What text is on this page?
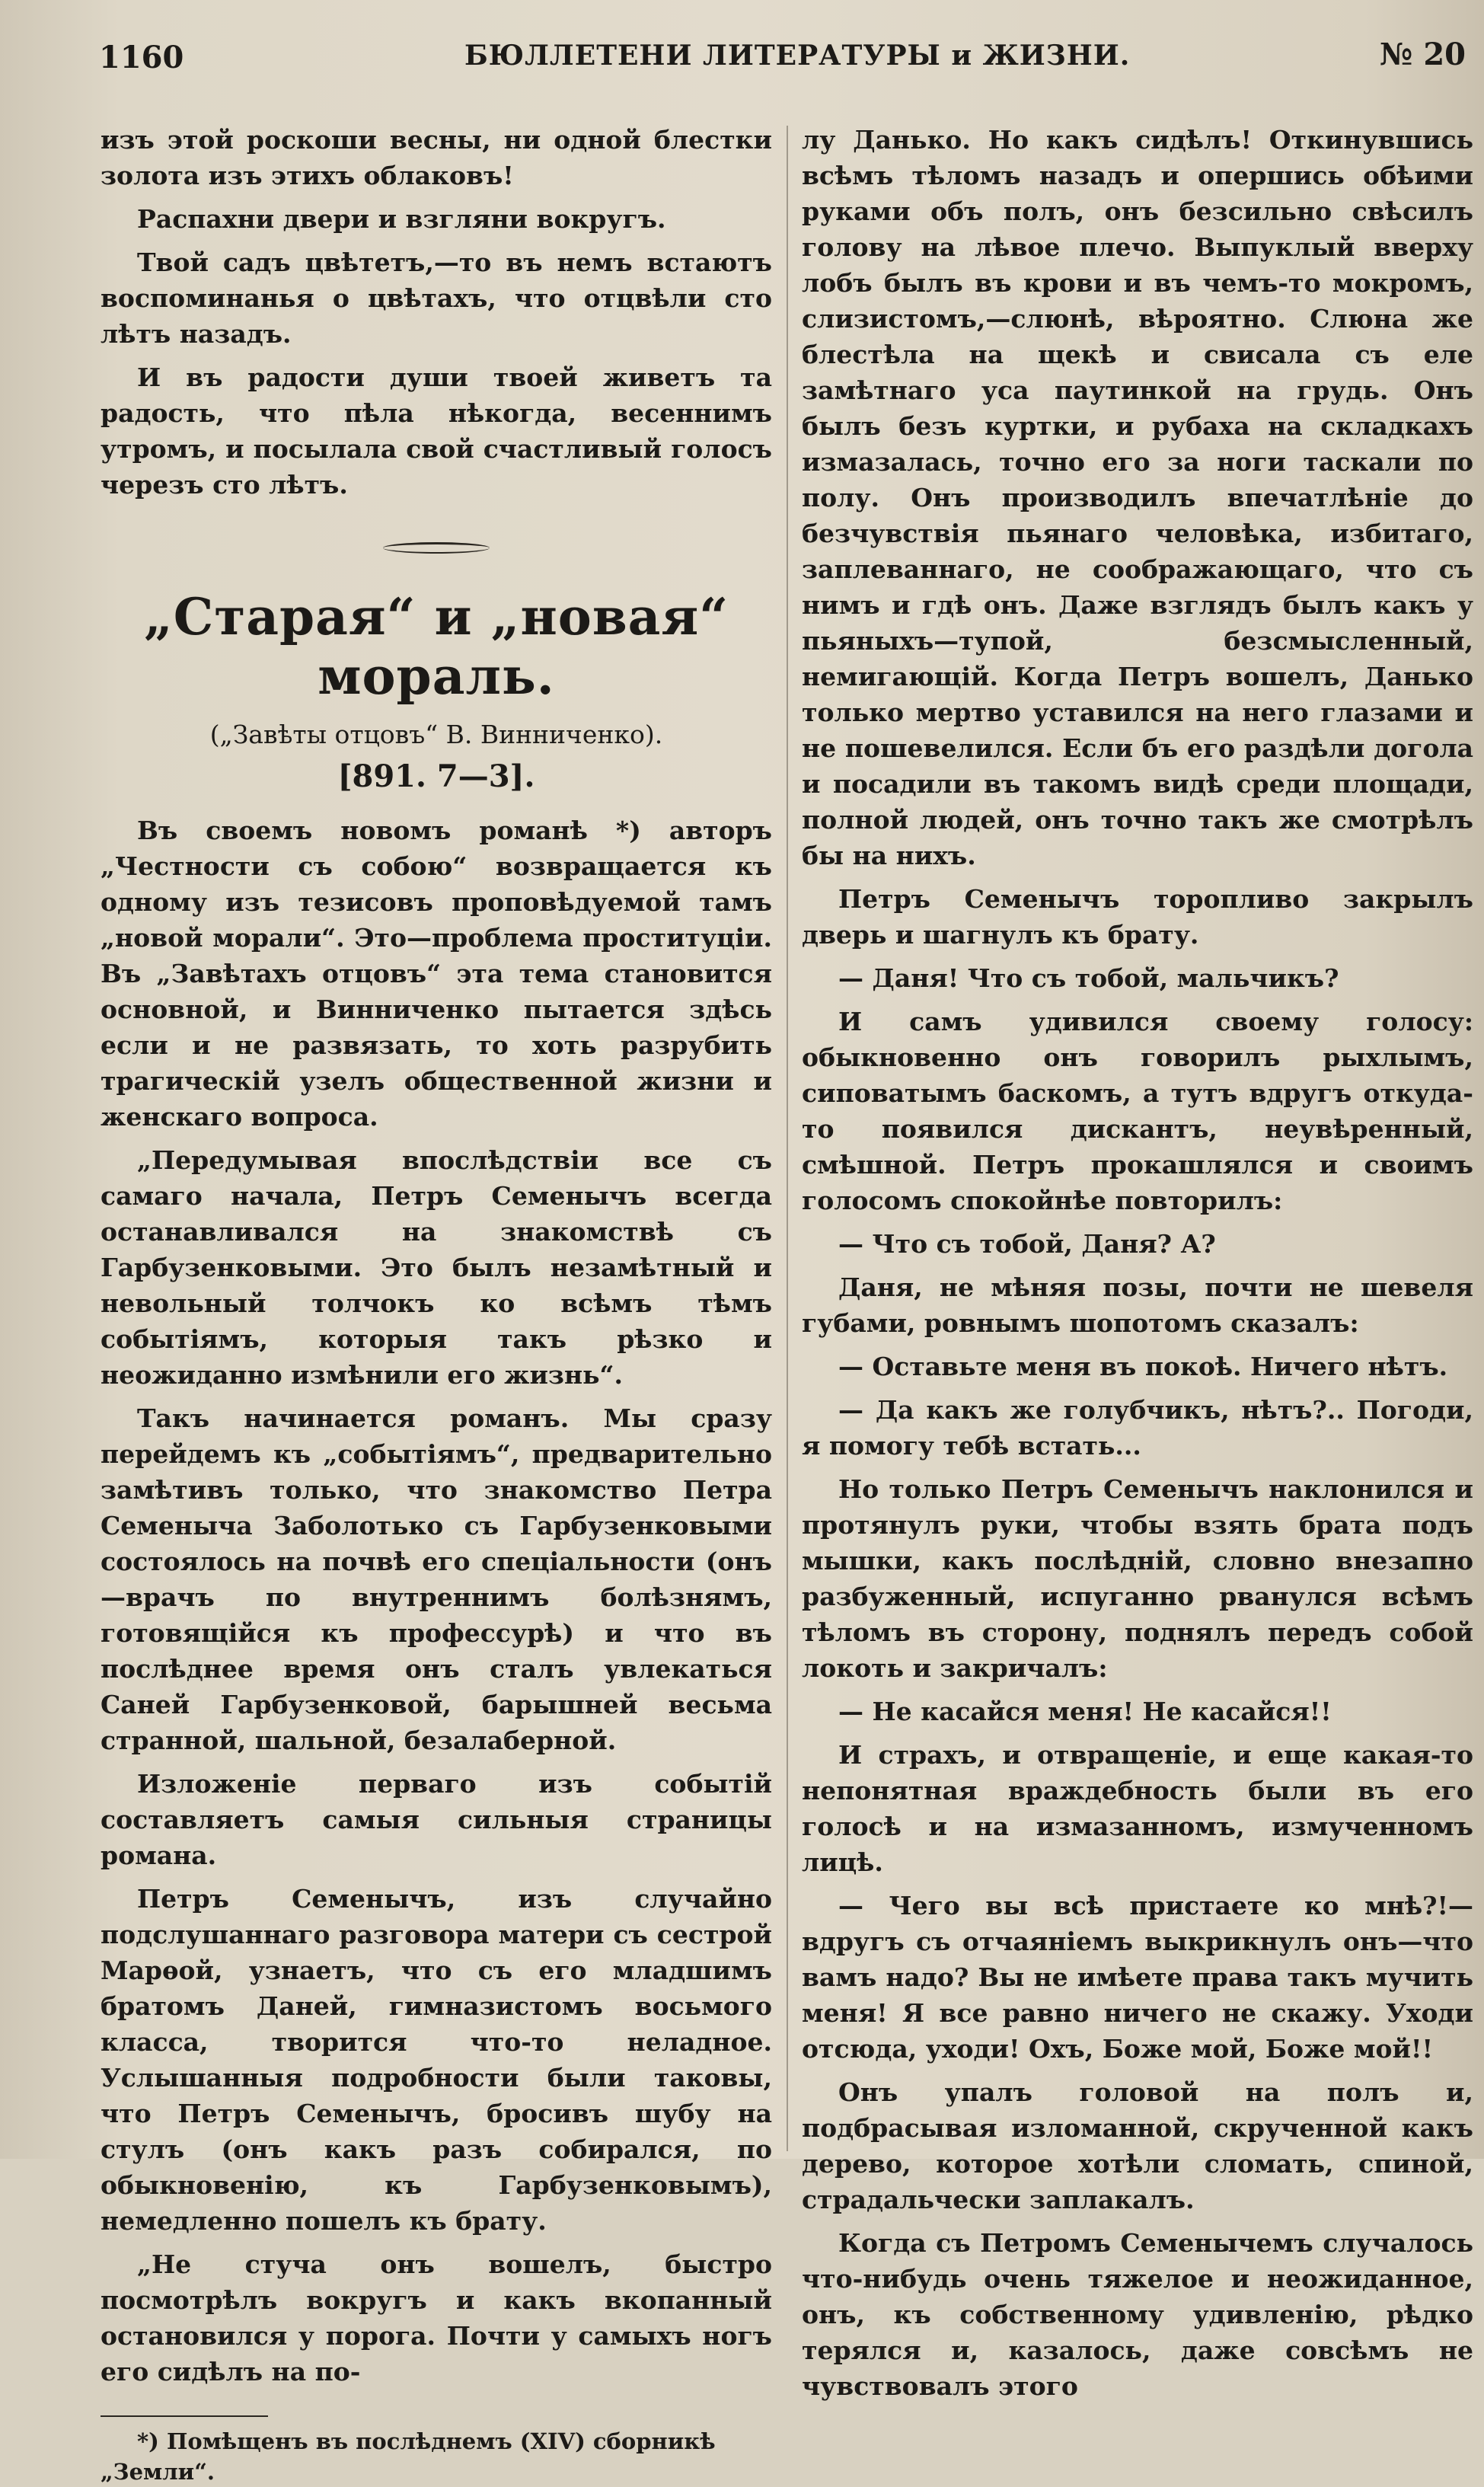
1160	БЮЛЛЕТЕНИ ЛИТЕРАТУРЫ и ЖИЗНИ.	№ 20

изъ этой роскоши весны, ни одной блестки золота изъ этихъ облаковъ!

Распахни двери и взгляни вокругъ.

Твой садъ цвѣтетъ,—то въ немъ встаютъ воспоминанья о цвѣтахъ, что отцвѣли сто лѣтъ назадъ.

И въ радости души твоей живетъ та радость, что пѣла нѣкогда, весеннимъ утромъ, и посылала свой счастливый голосъ черезъ сто лѣтъ.

„Старая“ и „новая“ мораль.

(„Завѣты отцовъ“ В. Винниченко).

[891. 7—3].

Въ своемъ новомъ романѣ *) авторъ „Честности съ собою“ возвращается къ одному изъ тезисовъ проповѣдуемой тамъ „новой морали“. Это—проблема проституціи. Въ „Завѣтахъ отцовъ“ эта тема становится основной, и Винниченко пытается здѣсь если и не развязать, то хоть разрубить трагическій узелъ общественной жизни и женскаго вопроса.

„Передумывая впослѣдствіи все съ самаго начала, Петръ Семенычъ всегда останавливался на знакомствѣ съ Гарбузенковыми. Это былъ незамѣтный и невольный толчокъ ко всѣмъ тѣмъ событіямъ, которыя такъ рѣзко и неожиданно измѣнили его жизнь“.

Такъ начинается романъ. Мы сразу перейдемъ къ „событіямъ“, предварительно замѣтивъ только, что знакомство Петра Семеныча Заболотько съ Гарбузенковыми состоялось на почвѣ его спеціальности (онъ—врачъ по внутреннимъ болѣзнямъ, готовящійся къ профессурѣ) и что въ послѣднее время онъ сталъ увлекаться Саней Гарбузенковой, барышней весьма странной, шальной, безалаберной.

Изложеніе перваго изъ событій составляетъ самыя сильныя страницы романа.

Петръ Семенычъ, изъ случайно подслушаннаго разговора матери съ сестрой Марѳой, узнаетъ, что съ его младшимъ братомъ Даней, гимназистомъ восьмого класса, творится что-то неладное. Услышанныя подробности были таковы, что Петръ Семенычъ, бросивъ шубу на стулъ (онъ какъ разъ собирался, по обыкновенію, къ Гарбузенковымъ), немедленно пошелъ къ брату.

„Не стуча онъ вошелъ, быстро посмотрѣлъ вокругъ и какъ вкопанный остановился у порога. Почти у самыхъ ногъ его сидѣлъ на по-

*) Помѣщенъ въ послѣднемъ (XIV) сборникѣ „Земли“.

лу Данько. Но какъ сидѣлъ! Откинувшись всѣмъ тѣломъ назадъ и опершись обѣими руками объ полъ, онъ безсильно свѣсилъ голову на лѣвое плечо. Выпуклый вверху лобъ былъ въ крови и въ чемъ-то мокромъ, слизистомъ,—слюнѣ, вѣроятно. Слюна же блестѣла на щекѣ и свисала съ еле замѣтнаго уса паутинкой на грудь. Онъ былъ безъ куртки, и рубаха на складкахъ измазалась, точно его за ноги таскали по полу. Онъ производилъ впечатлѣніе до безчувствія пьянаго человѣка, избитаго, заплеваннаго, не соображающаго, что съ нимъ и гдѣ онъ. Даже взглядъ былъ какъ у пьяныхъ—тупой, безсмысленный, немигающій. Когда Петръ вошелъ, Данько только мертво уставился на него глазами и не пошевелился. Если бъ его раздѣли догола и посадили въ такомъ видѣ среди площади, полной людей, онъ точно такъ же смотрѣлъ бы на нихъ.

Петръ Семенычъ торопливо закрылъ дверь и шагнулъ къ брату.

— Даня! Что съ тобой, мальчикъ?

И самъ удивился своему голосу: обыкновенно онъ говорилъ рыхлымъ, сиповатымъ баскомъ, а тутъ вдругъ откуда-то появился дискантъ, неувѣренный, смѣшной. Петръ прокашлялся и своимъ голосомъ спокойнѣе повторилъ:

— Что съ тобой, Даня? А?

Даня, не мѣняя позы, почти не шевеля губами, ровнымъ шопотомъ сказалъ:

— Оставьте меня въ покоѣ. Ничего нѣтъ.

— Да какъ же голубчикъ, нѣтъ?.. Погоди, я помогу тебѣ встать...

Но только Петръ Семенычъ наклонился и протянулъ руки, чтобы взять брата подъ мышки, какъ послѣдній, словно внезапно разбуженный, испуганно рванулся всѣмъ тѣломъ въ сторону, поднялъ передъ собой локоть и закричалъ:

— Не касайся меня! Не касайся!!

И страхъ, и отвращеніе, и еще какая-то непонятная враждебность были въ его голосѣ и на измазанномъ, измученномъ лицѣ.

— Чего вы всѣ пристаете ко мнѣ?!—вдругъ съ отчаяніемъ выкрикнулъ онъ—что вамъ надо? Вы не имѣете права такъ мучить меня! Я все равно ничего не скажу. Уходи отсюда, уходи! Охъ, Боже мой, Боже мой!!

Онъ упалъ головой на полъ и, подбрасывая изломанной, скрученной какъ дерево, которое хотѣли сломать, спиной, страдальчески заплакалъ.

Когда съ Петромъ Семенычемъ случалось что-нибудь очень тяжелое и неожиданное, онъ, къ собственному удивленію, рѣдко терялся и, казалось, даже совсѣмъ не чувствовалъ этого
